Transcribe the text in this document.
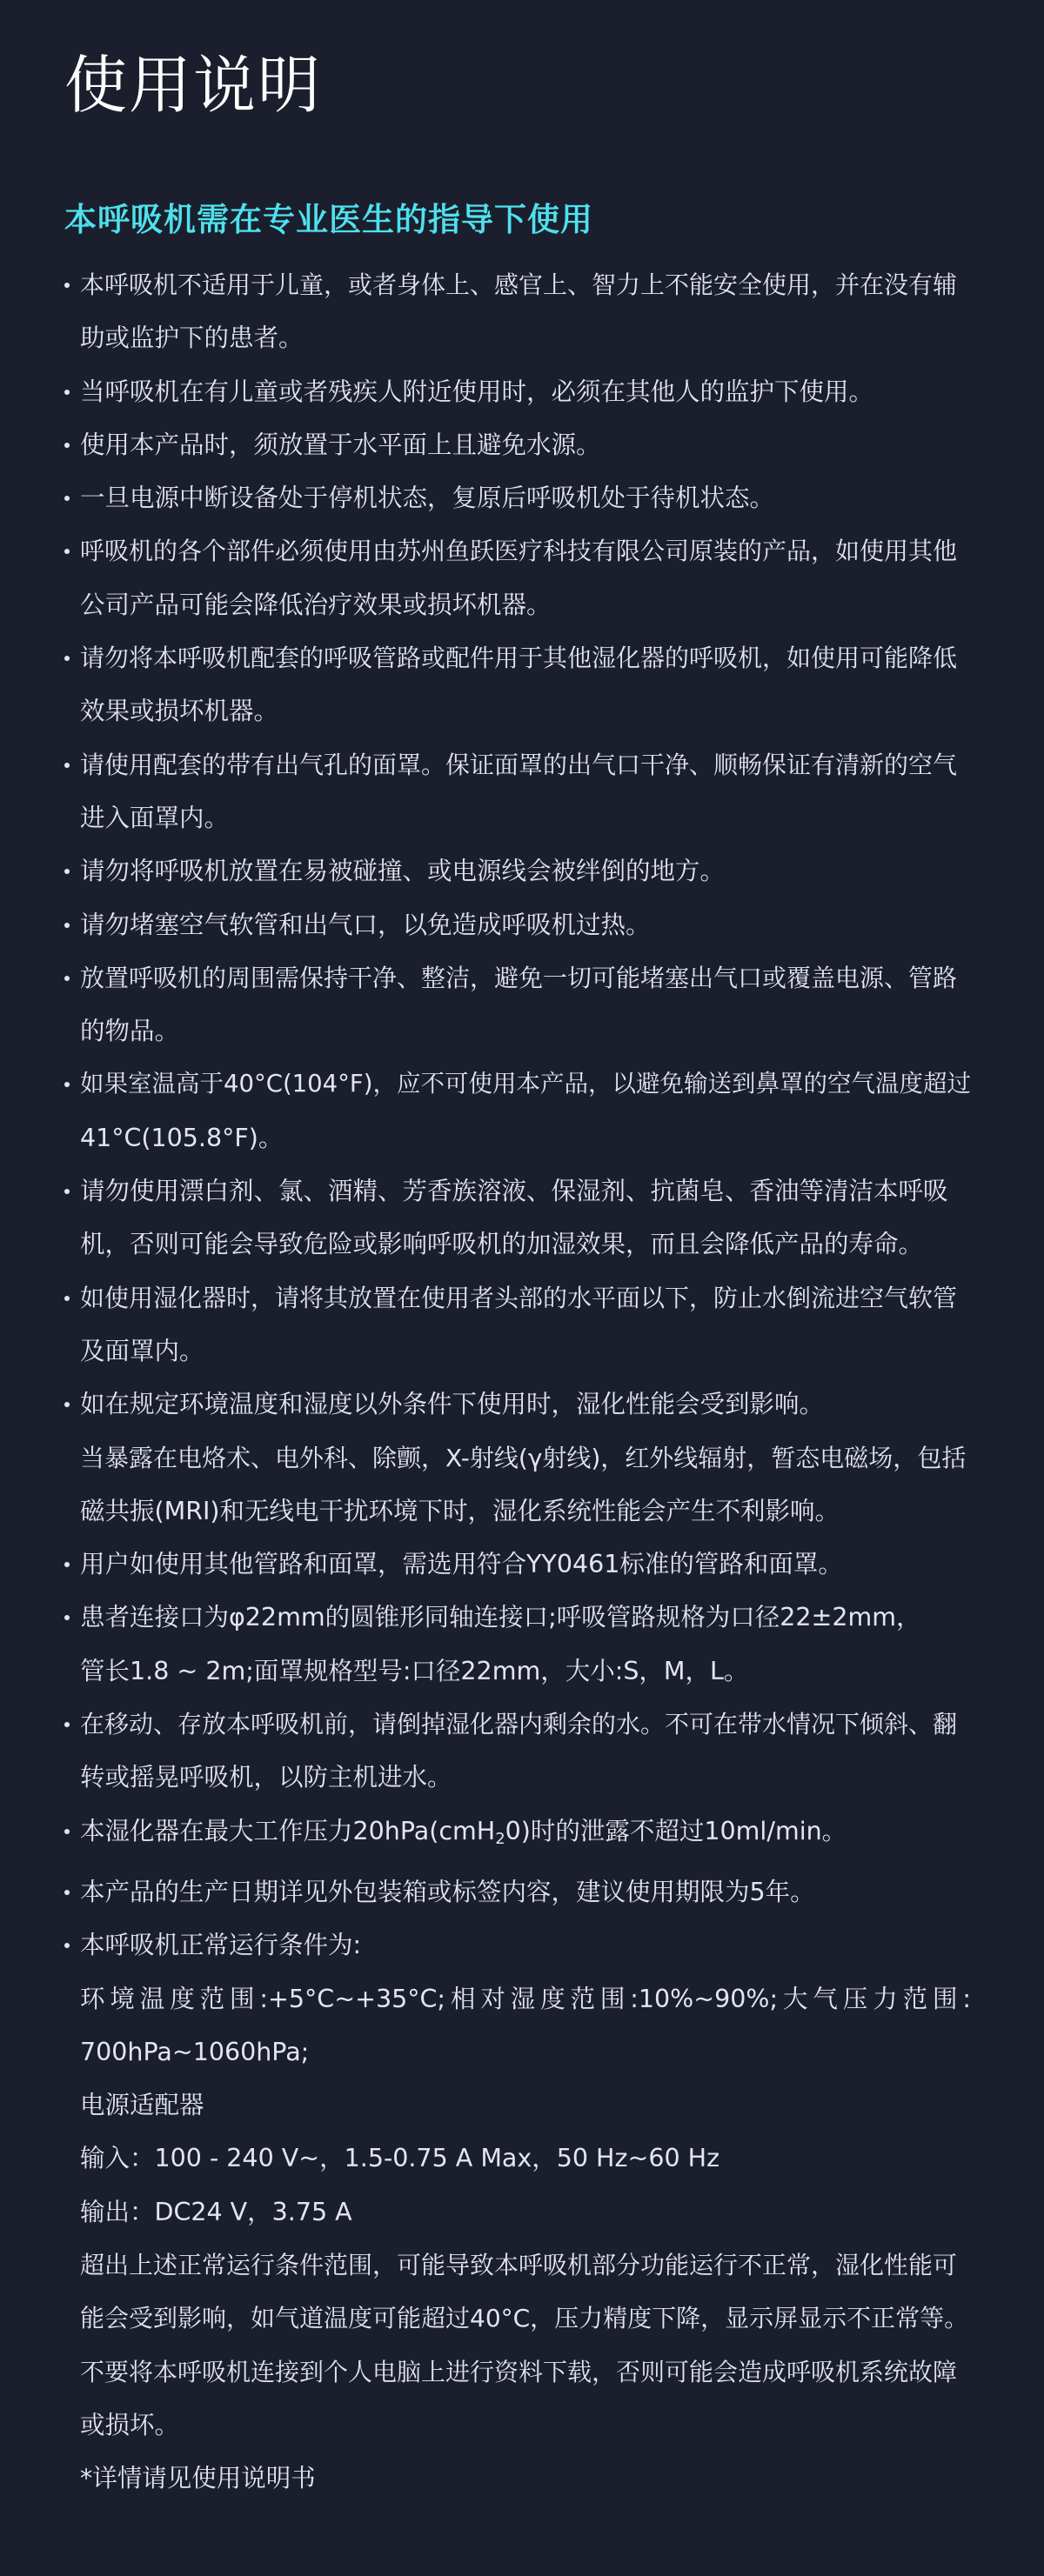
使用说明
本呼吸机需在专业医生的指导下使用
本呼吸机不适用于儿童，或者身体上、感官上、智力上不能安全使用，并在没有辅
助或监护下的患者。
当呼吸机在有儿童或者残疾人附近使用时，必须在其他人的监护下使用。
使用本产品时，须放置于水平面上且避免水源。
一旦电源中断设备处于停机状态，复原后呼吸机处于待机状态。
呼吸机的各个部件必须使用由苏州鱼跃医疗科技有限公司原装的产品，如使用其他
公司产品可能会降低治疗效果或损坏机器。
请勿将本呼吸机配套的呼吸管路或配件用于其他湿化器的呼吸机，如使用可能降低
效果或损坏机器。
请使用配套的带有出气孔的面罩。保证面罩的出气口干净、顺畅保证有清新的空气
进入面罩内。
请勿将呼吸机放置在易被碰撞、或电源线会被绊倒的地方。
请勿堵塞空气软管和出气口，以免造成呼吸机过热。
放置呼吸机的周围需保持干净、整洁，避免一切可能堵塞出气口或覆盖电源、管路
的物品。
如果室温高于40°C(104°F)，应不可使用本产品，以避免输送到鼻罩的空气温度超过
41°C(105.8°F)。
请勿使用漂白剂、氯、酒精、芳香族溶液、保湿剂、抗菌皂、香油等清洁本呼吸
机，否则可能会导致危险或影响呼吸机的加湿效果，而且会降低产品的寿命。
如使用湿化器时，请将其放置在使用者头部的水平面以下，防止水倒流进空气软管
及面罩内。
如在规定环境温度和湿度以外条件下使用时，湿化性能会受到影响。
当暴露在电烙术、电外科、除颤，X-射线(γ射线)，红外线辐射，暂态电磁场，包括
磁共振(MRI)和无线电干扰环境下时，湿化系统性能会产生不利影响。
用户如使用其他管路和面罩，需选用符合YY0461标准的管路和面罩。
患者连接口为φ22mm的圆锥形同轴连接口;呼吸管路规格为口径22±2mm，
管长1.8 ~ 2m;面罩规格型号:口径22mm，大小:S，M，L。
在移动、存放本呼吸机前，请倒掉湿化器内剩余的水。不可在带水情况下倾斜、翻
转或摇晃呼吸机，以防主机进水。
本湿化器在最大工作压力20hPa(cmH$_2$0)时的泄露不超过10ml/min。
本产品的生产日期详见外包装箱或标签内容，建议使用期限为5年。
本呼吸机正常运行条件为:
环境温度范围:+5°C~+35°C;相对湿度范围:10%~90%;大气压力范围:
700hPa~1060hPa;
电源适配器
输入：100 - 240 V~，1.5-0.75 A Max，50 Hz~60 Hz
输出：DC24 V，3.75 A
超出上述正常运行条件范围，可能导致本呼吸机部分功能运行不正常，湿化性能可
能会受到影响，如气道温度可能超过40°C，压力精度下降，显示屏显示不正常等。
不要将本呼吸机连接到个人电脑上进行资料下载，否则可能会造成呼吸机系统故障
或损坏。
*详情请见使用说明书
